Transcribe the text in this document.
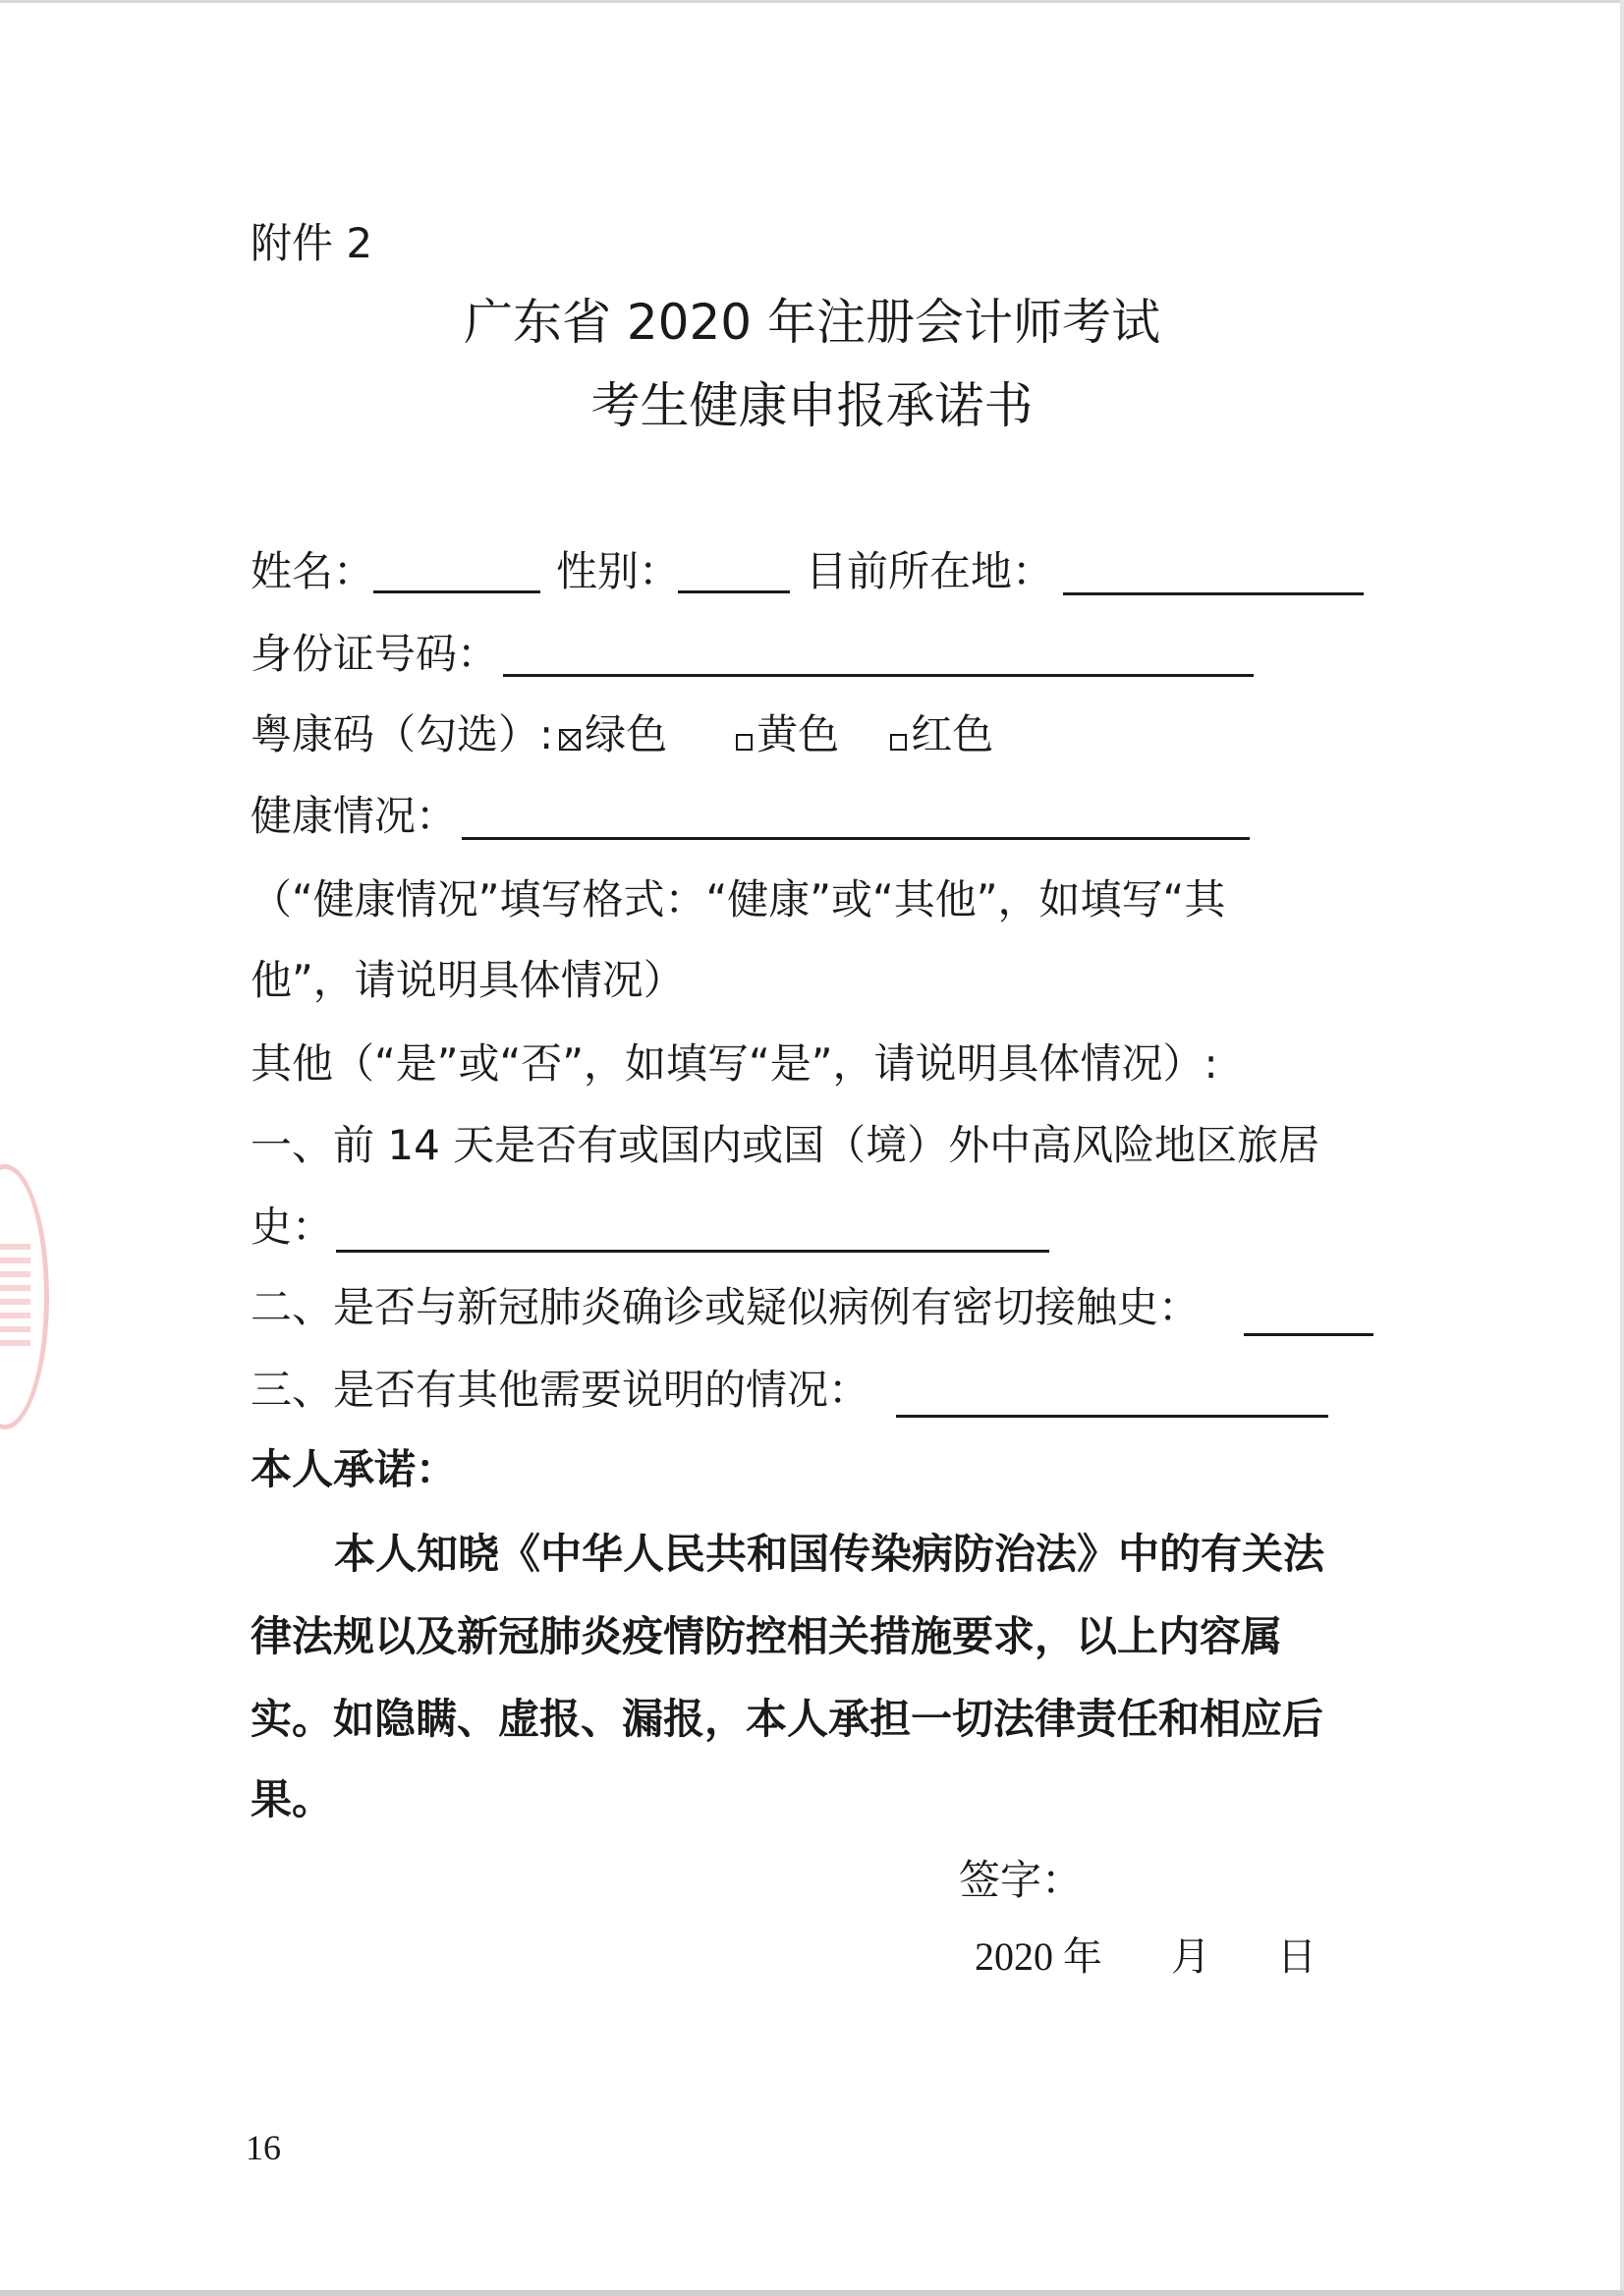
附件 2
广东省 2020 年注册会计师考试
考生健康申报承诺书
姓名：	性别：	目前所在地：
身份证号码：
粤康码（勾选）: 绿色 黄色 红色
健康情况：
（“健康情况”填写格式：“健康”或“其他”，如填写“其
他”，请说明具体情况）
其他（“是”或“否”，如填写“是”，请说明具体情况）:
一、前 14 天是否有或国内或国（境）外中高风险地区旅居
史：
二、是否与新冠肺炎确诊或疑似病例有密切接触史：
三、是否有其他需要说明的情况：
本人承诺：
本人知晓《中华人民共和国传染病防治法》中的有关法
律法规以及新冠肺炎疫情防控相关措施要求，以上内容属
实。如隐瞒、虚报、漏报，本人承担一切法律责任和相应后
果。
签字：
2020 年 月 日
16
